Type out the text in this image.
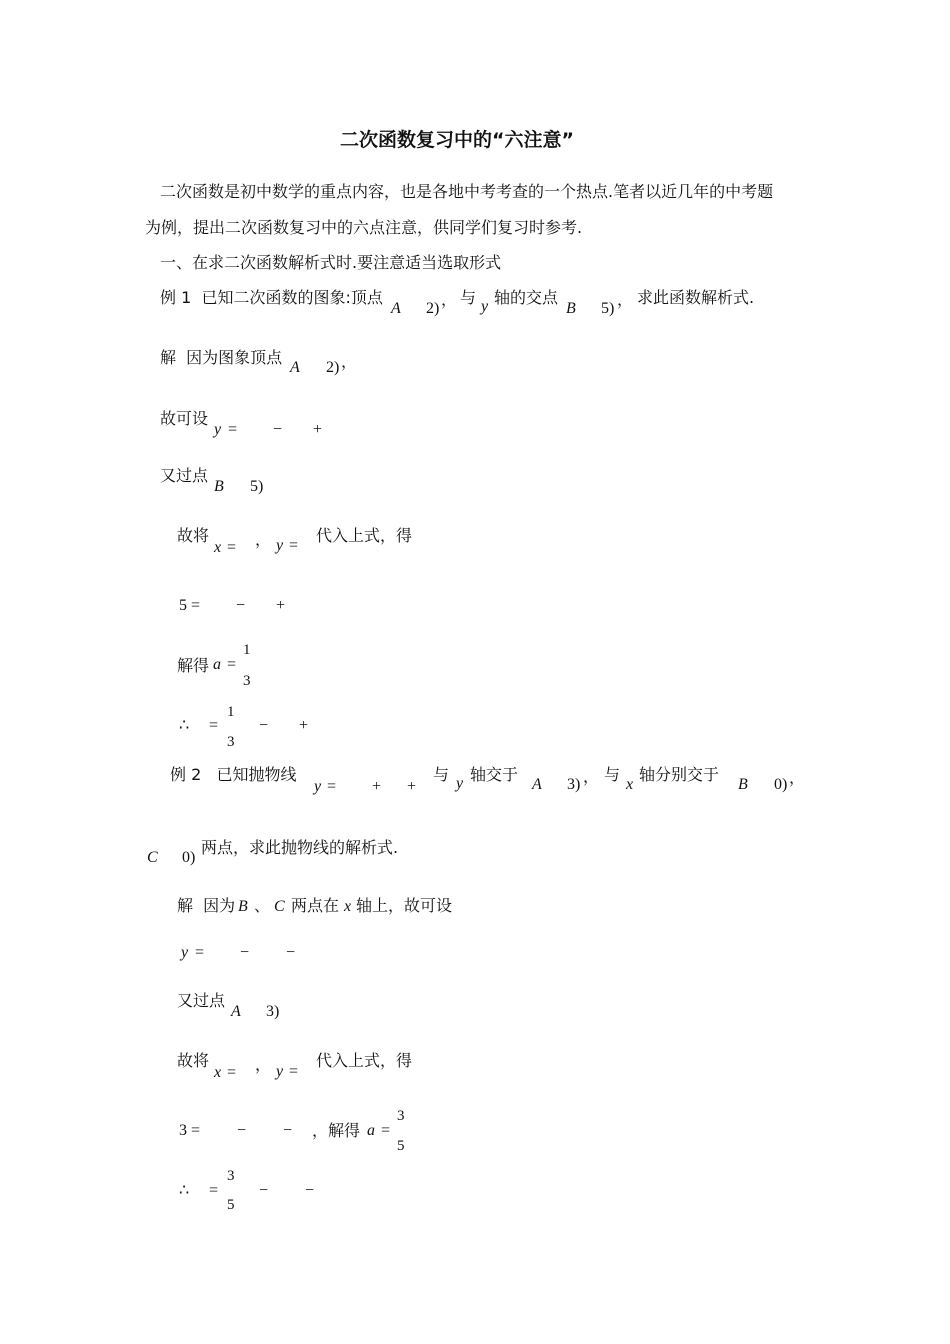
二次函数复习中的“六注意”
二次函数是初中数学的重点内容，也是各地中考考查的一个热点.笔者以近几年的中考题
为例，提出二次函数复习中的六点注意，供同学们复习时参考.
一、在求二次函数解析式时.要注意适当选取形式
例 1  已知二次函数的图象:顶点
A 2) ， 与 y 轴的交点
B 5) ， 求此函数解析式.
解  因为图象顶点
A 2) ，
故可设
y = − +
又过点
B 5)
故将
x = ， y =
代入上式，得
5 = − +
解得 a =
1
3
∴ =
1
3
− +
例 2   已知抛物线
y = + +
与 y 轴交于
A 3) ， 与
x
轴分别交于
B 0) ，
C 0)
两点，求此抛物线的解析式.
解  因为 B 、 C 两点在 x 轴上，故可设
y = − −
又过点
A 3)
故将
x = ， y =
代入上式，得
3 = − − ，解得 a =
3
5
∴ =
3
5
− −
